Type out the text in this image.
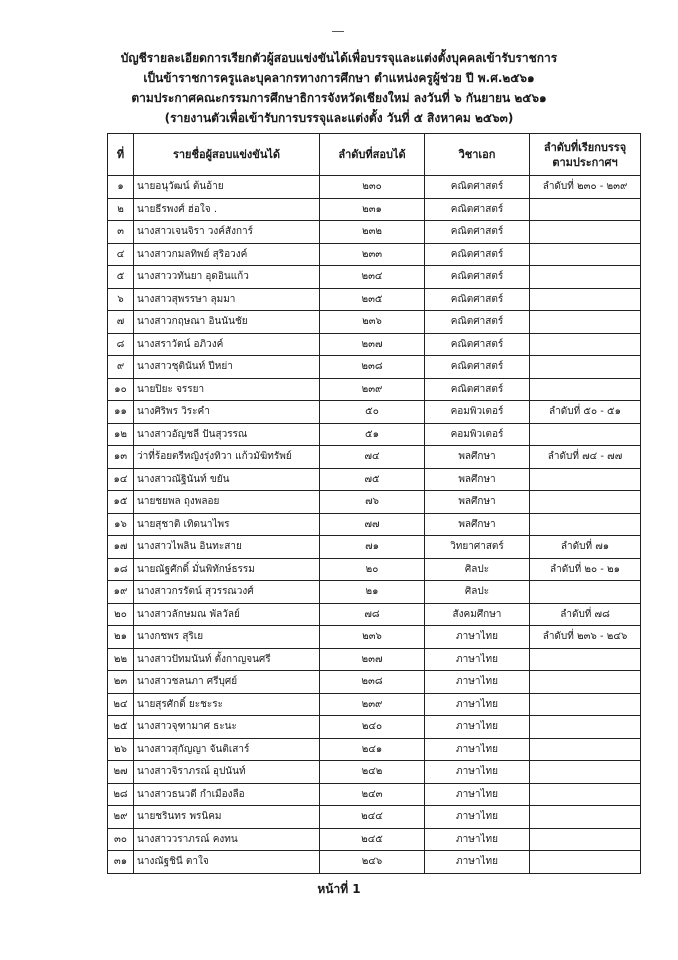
บัญชีรายละเอียดการเรียกตัวผู้สอบแข่งขันได้เพื่อบรรจุและแต่งตั้งบุคคลเข้ารับราชการ
เป็นข้าราชการครูและบุคลากรทางการศึกษา ตำแหน่งครูผู้ช่วย ปี พ.ศ.๒๕๖๑
ตามประกาศคณะกรรมการศึกษาธิการจังหวัดเชียงใหม่ ลงวันที่ ๖ กันยายน ๒๕๖๑
(รายงานตัวเพื่อเข้ารับการบรรจุและแต่งตั้ง วันที่ ๕ สิงหาคม ๒๕๖๓)
ที่	รายชื่อผู้สอบแข่งขันได้	ลำดับที่สอบได้	วิชาเอก	ลำดับที่เรียกบรรจุ ตามประกาศฯ
๑	นายอนุวัฒน์ ต้นอ้าย	๒๓๐	คณิตศาสตร์	ลำดับที่ ๒๓๐ - ๒๓๙
๒	นายธีรพงศ์ ฮ่อใจ .	๒๓๑	คณิตศาสตร์	
๓	นางสาวเจนจิรา วงค์สังการ์	๒๓๒	คณิตศาสตร์	
๔	นางสาวกมลทิพย์ สุริอวงค์	๒๓๓	คณิตศาสตร์	
๕	นางสาววทันยา อุดอินแก้ว	๒๓๔	คณิตศาสตร์	
๖	นางสาวสุพรรษา ลุมมา	๒๓๕	คณิตศาสตร์	
๗	นางสาวกฤษณา อินนันชัย	๒๓๖	คณิตศาสตร์	
๘	นางสราวัตน์ อภิวงค์	๒๓๗	คณิตศาสตร์	
๙	นางสาวชุตินันท์ ปีหย่า	๒๓๘	คณิตศาสตร์	
๑๐	นายปิยะ จรรยา	๒๓๙	คณิตศาสตร์	
๑๑	นางศิริพร วิระคำ	๕๐	คอมพิวเตอร์	ลำดับที่ ๕๐ - ๕๑
๑๒	นางสาวอัญชลี ปันสุวรรณ	๕๑	คอมพิวเตอร์	
๑๓	ว่าที่ร้อยตรีหญิงรุ่งทิวา แก้วมัฆิทรัพย์	๗๔	พลศึกษา	ลำดับที่ ๗๔ - ๗๗
๑๔	นางสาวณัฐินันท์ ขยัน	๗๕	พลศึกษา	
๑๕	นายชยพล ถุงพลอย	๗๖	พลศึกษา	
๑๖	นายสุชาติ เทิดนาไพร	๗๗	พลศึกษา	
๑๗	นางสาวไพลิน อินทะสาย	๗๑	วิทยาศาสตร์	ลำดับที่ ๗๑
๑๘	นายณัฐศักดิ์ มั่นพิทักษ์ธรรม	๒๐	ศิลปะ	ลำดับที่ ๒๐ - ๒๑
๑๙	นางสาวกรรัตน์ สุวรรณวงศ์	๒๑	ศิลปะ	
๒๐	นางสาวลักษมณ พัลวัลย์	๗๘	สังคมศึกษา	ลำดับที่ ๗๘
๒๑	นางกชพร สุริเย	๒๓๖	ภาษาไทย	ลำดับที่ ๒๓๖ - ๒๔๖
๒๒	นางสาวปัทมนันท์ ตั้งกาญจนศรี	๒๓๗	ภาษาไทย	
๒๓	นางสาวชลนภา ศรีบุศย์	๒๓๘	ภาษาไทย	
๒๔	นายสุรศักดิ์ ยะชะระ	๒๓๙	ภาษาไทย	
๒๕	นางสาวจุฑามาศ ธะนะ	๒๔๐	ภาษาไทย	
๒๖	นางสาวสุกัญญา จันติเสาร์	๒๔๑	ภาษาไทย	
๒๗	นางสาวจิราภรณ์ อุปนันท์	๒๔๒	ภาษาไทย	
๒๘	นางสาวธนวดี กำเมืองลือ	๒๔๓	ภาษาไทย	
๒๙	นายชรินทร พรนิคม	๒๔๔	ภาษาไทย	
๓๐	นางสาววราภรณ์ คงทน	๒๔๕	ภาษาไทย	
๓๑	นางณัฐชินี ตาใจ	๒๔๖	ภาษาไทย	
หน้าที่ 1
